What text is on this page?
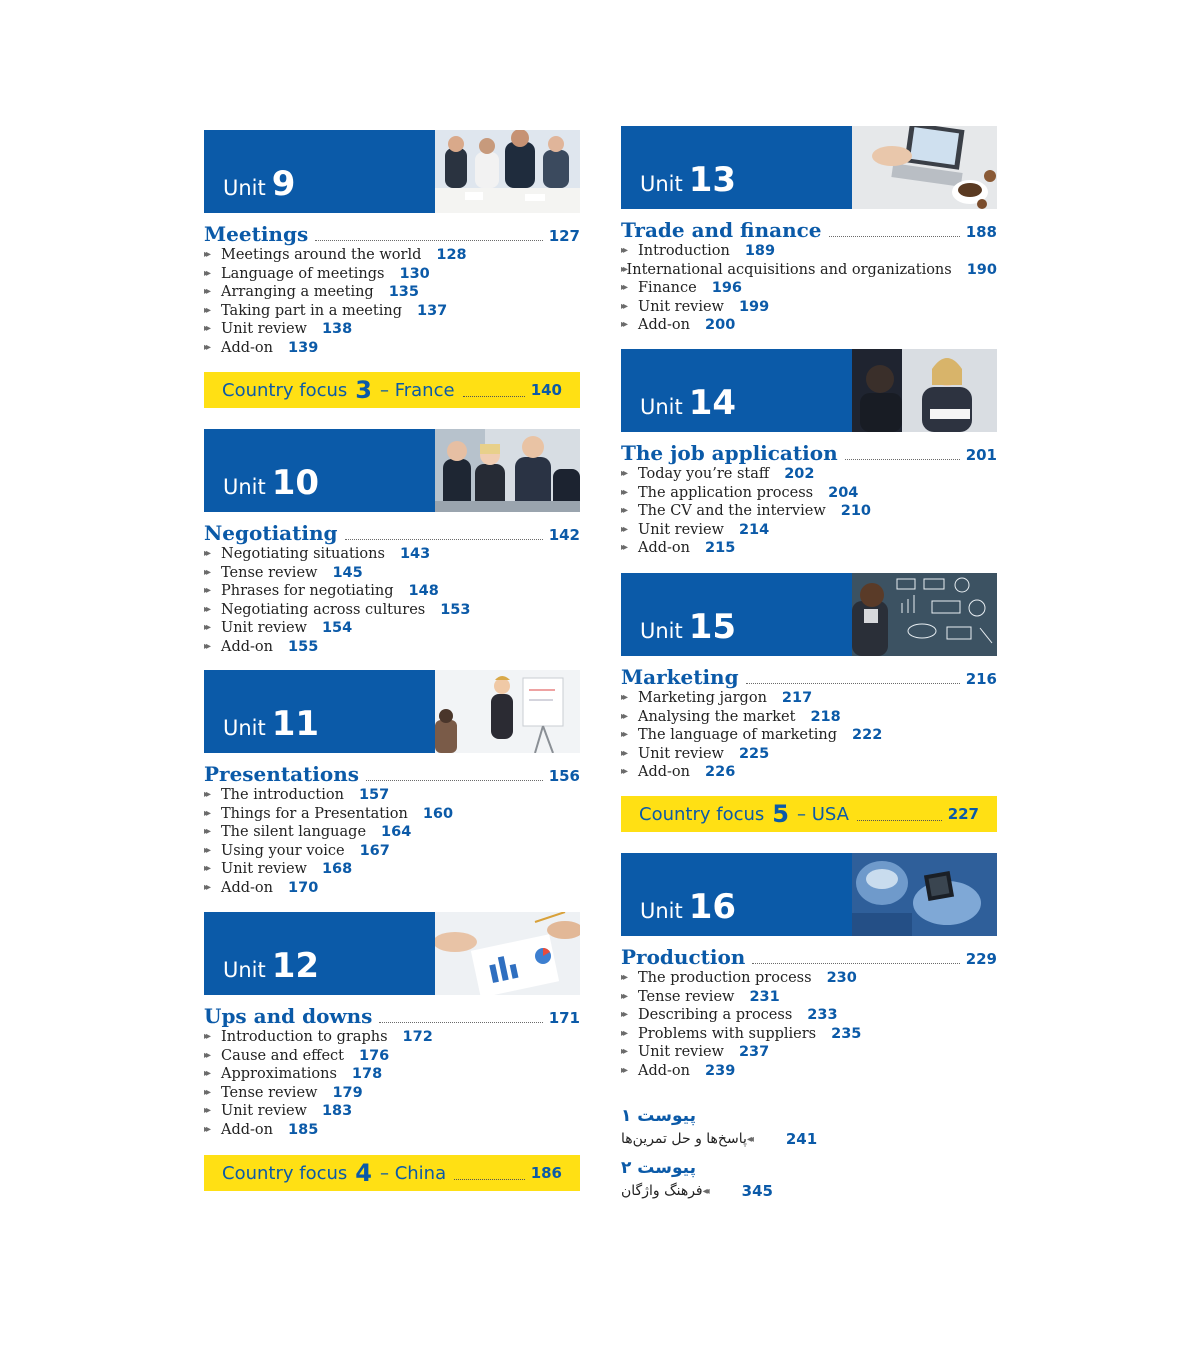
Unit 9
Meetings	127
▸▸ Meetings around the world 128
▸▸ Language of meetings 130
▸▸ Arranging a meeting 135
▸▸ Taking part in a meeting 137
▸▸ Unit review 138
▸▸ Add-on 139
Country focus 3 – France	140
Unit 10
Negotiating	142
▸▸ Negotiating situations 143
▸▸ Tense review 145
▸▸ Phrases for negotiating 148
▸▸ Negotiating across cultures 153
▸▸ Unit review 154
▸▸ Add-on 155
Unit 11
Presentations	156
▸▸ The introduction 157
▸▸ Things for a Presentation 160
▸▸ The silent language 164
▸▸ Using your voice 167
▸▸ Unit review 168
▸▸ Add-on 170
Unit 12
Ups and downs	171
▸▸ Introduction to graphs 172
▸▸ Cause and effect 176
▸▸ Approximations 178
▸▸ Tense review 179
▸▸ Unit review 183
▸▸ Add-on 185
Country focus 4 – China	186
Unit 13
Trade and finance	188
▸▸ Introduction 189
▸▸ International acquisitions and organizations 190
▸▸ Finance 196
▸▸ Unit review 199
▸▸ Add-on 200
Unit 14
The job application	201
▸▸ Today you’re staff 202
▸▸ The application process 204
▸▸ The CV and the interview 210
▸▸ Unit review 214
▸▸ Add-on 215
Unit 15
Marketing	216
▸▸ Marketing jargon 217
▸▸ Analysing the market 218
▸▸ The language of marketing 222
▸▸ Unit review 225
▸▸ Add-on 226
Country focus 5 – USA	227
Unit 16
Production	229
▸▸ The production process 230
▸▸ Tense review 231
▸▸ Describing a process 233
▸▸ Problems with suppliers 235
▸▸ Unit review 237
▸▸ Add-on 239
پیوست ۱
پاسخ‌ها و حل تمرین‌ها ◂◂	241
پیوست ۲
فرهنگ واژگان ◂◂	345
